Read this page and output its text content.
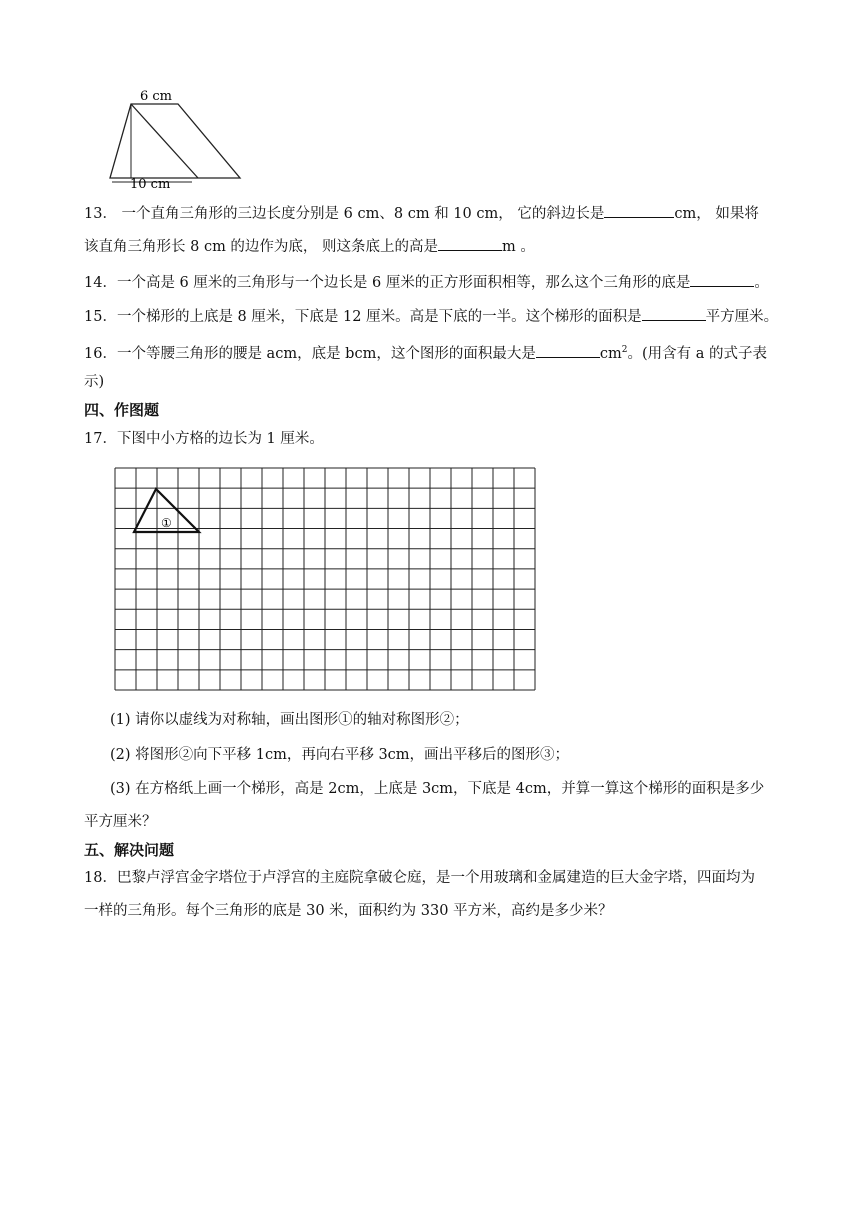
6 cm
10 cm
13． 一个直角三角形的三边长度分别是 6 cm、8 cm 和 10 cm， 它的斜边长是	cm， 如果将
该直角三角形长 8 cm 的边作为底， 则这条底上的高是	m 。
14．一个高是 6 厘米的三角形与一个边长是 6 厘米的正方形面积相等，那么这个三角形的底是	。
15．一个梯形的上底是 8 厘米，下底是 12 厘米。高是下底的一半。这个梯形的面积是	平方厘米。
16．一个等腰三角形的腰是 acm，底是 bcm，这个图形的面积最大是	$cm^2$。(用含有 a 的式子表
示)
四、作图题
17．下图中小方格的边长为 1 厘米。
①
(1) 请你以虚线为对称轴，画出图形①的轴对称图形②；
(2) 将图形②向下平移 1cm，再向右平移 3cm，画出平移后的图形③；
(3) 在方格纸上画一个梯形，高是 2cm，上底是 3cm，下底是 4cm，并算一算这个梯形的面积是多少
平方厘米？
五、解决问题
18．巴黎卢浮宫金字塔位于卢浮宫的主庭院拿破仑庭，是一个用玻璃和金属建造的巨大金字塔，四面均为
一样的三角形。每个三角形的底是 30 米，面积约为 330 平方米，高约是多少米？
